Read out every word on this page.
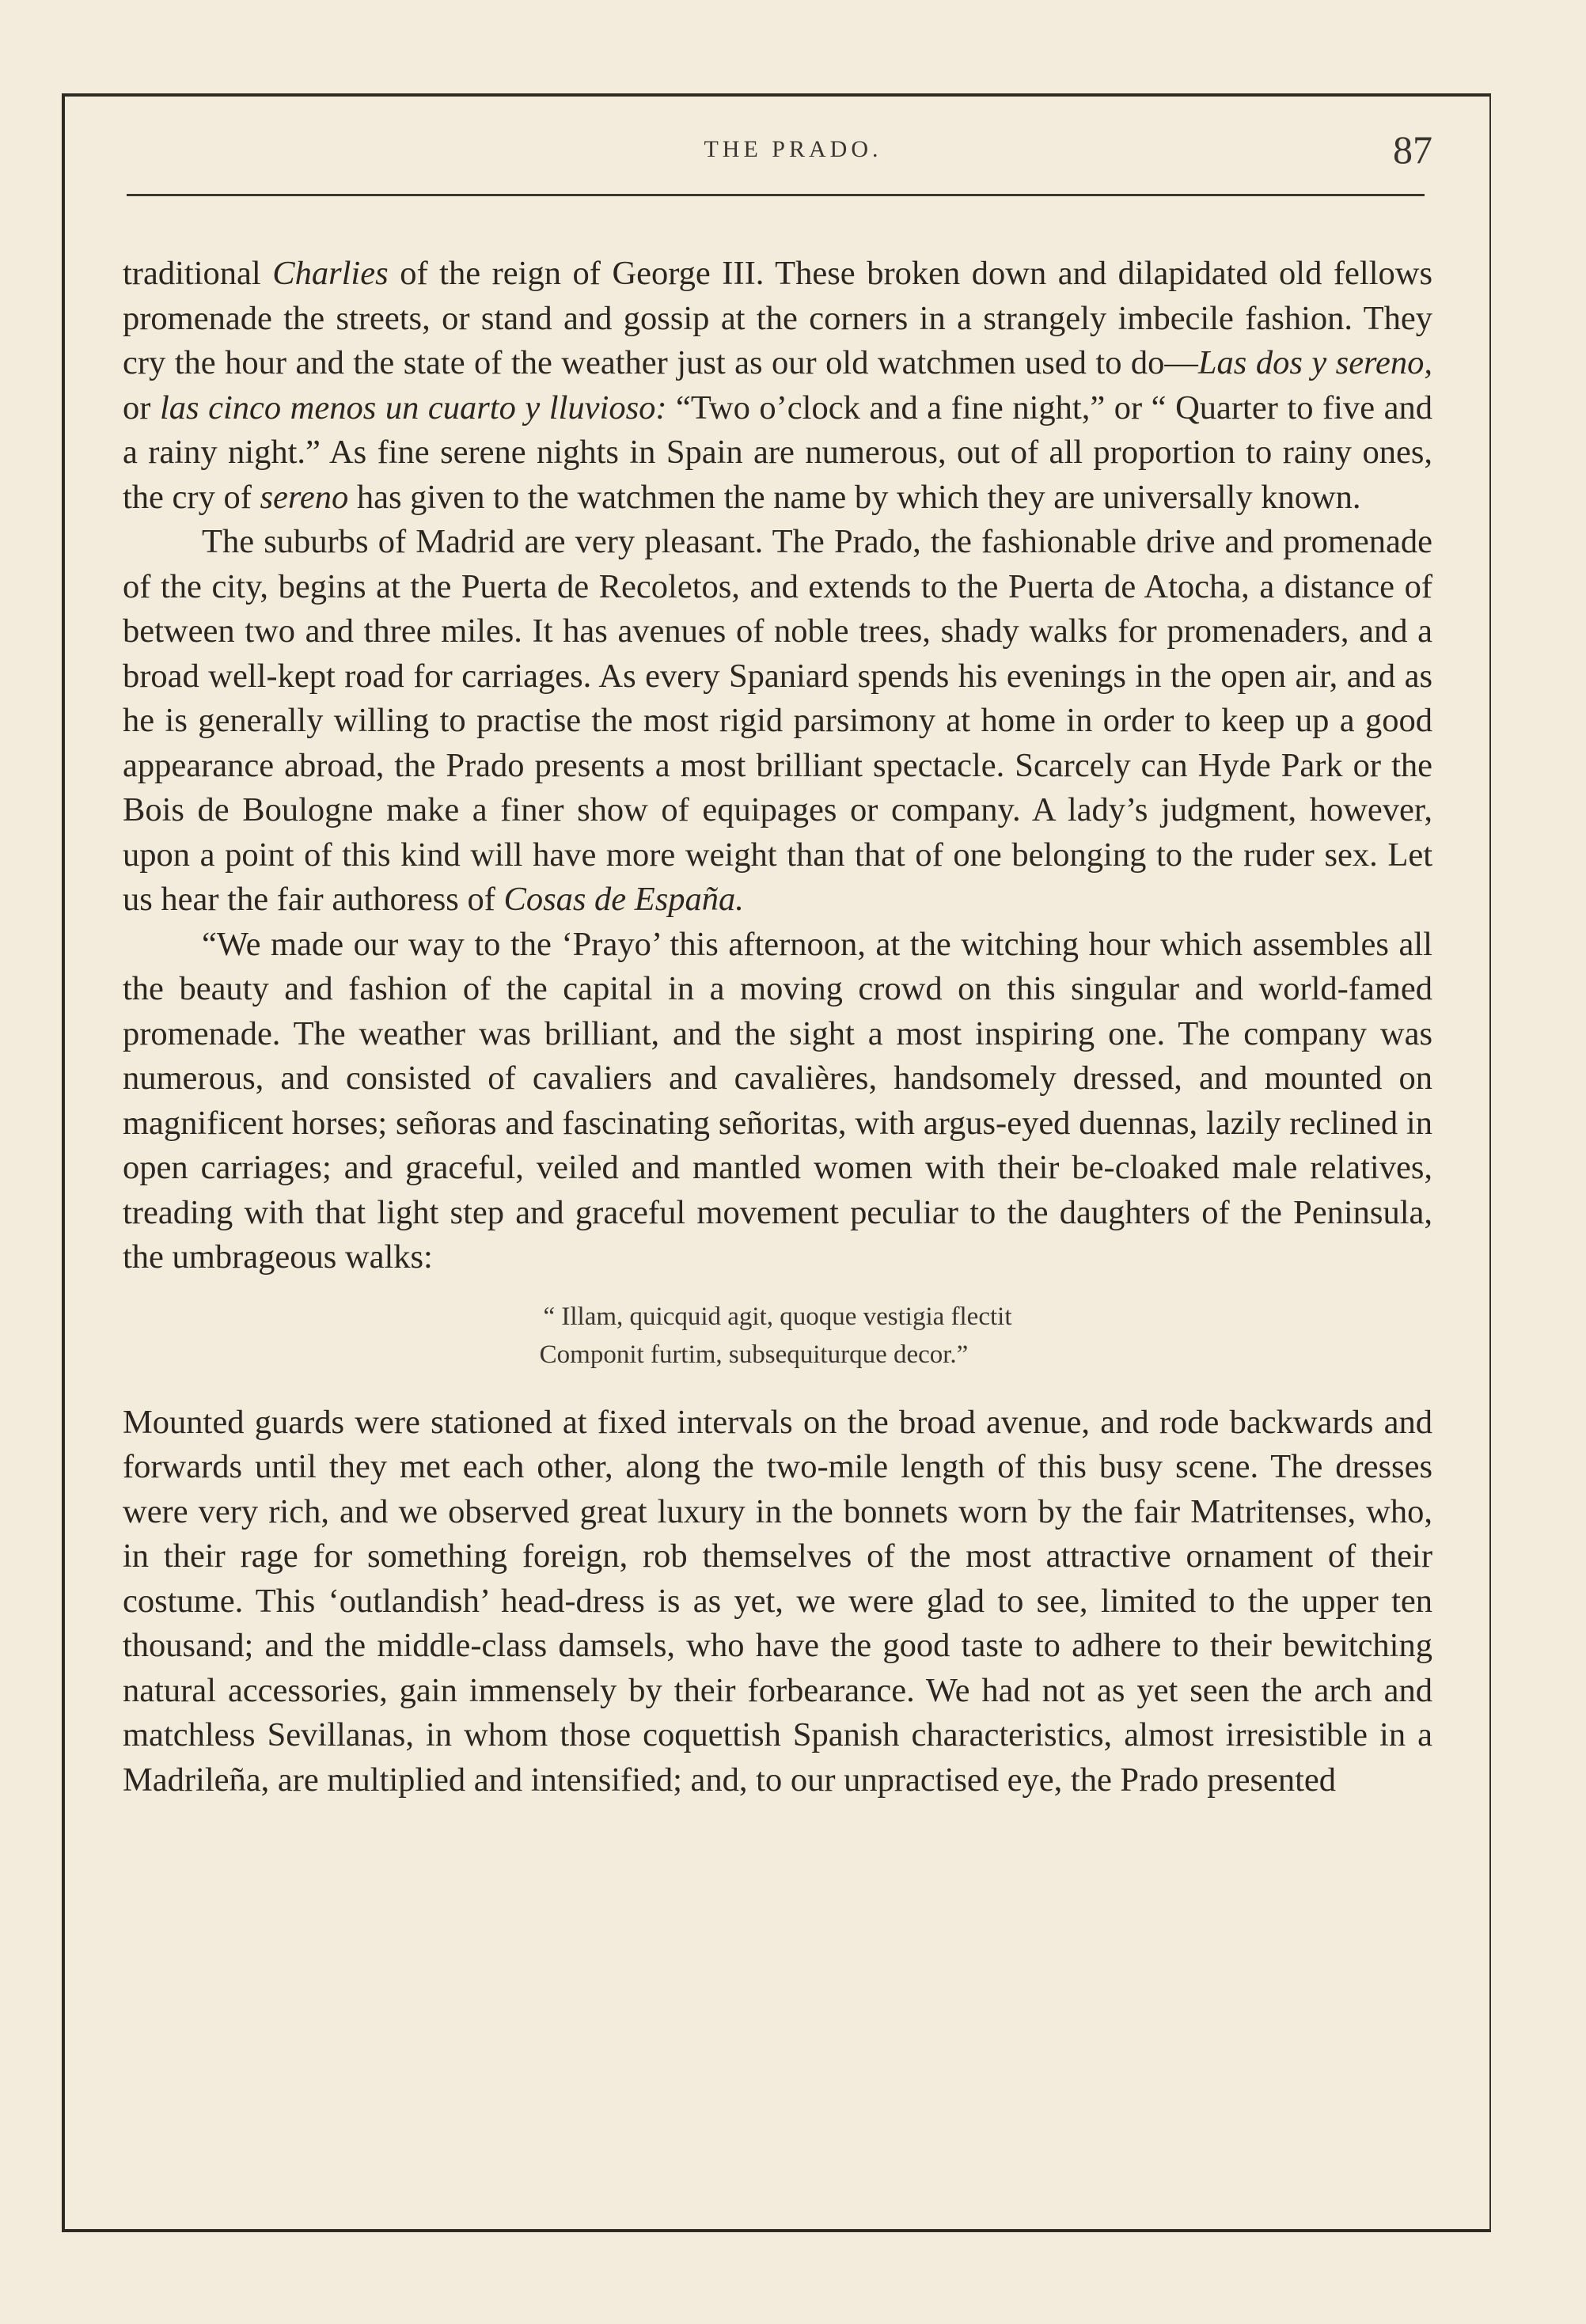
THE PRADO.	87

traditional Charlies of the reign of George III. These broken down and dilapidated old fellows promenade the streets, or stand and gossip at the corners in a strangely imbecile fashion. They cry the hour and the state of the weather just as our old watchmen used to do—Las dos y sereno, or las cinco menos un cuarto y lluvioso: “Two o’clock and a fine night,” or “ Quarter to five and a rainy night.” As fine serene nights in Spain are numerous, out of all proportion to rainy ones, the cry of sereno has given to the watchmen the name by which they are universally known.

The suburbs of Madrid are very pleasant. The Prado, the fashionable drive and promenade of the city, begins at the Puerta de Recoletos, and extends to the Puerta de Atocha, a distance of between two and three miles. It has avenues of noble trees, shady walks for promenaders, and a broad well-kept road for carriages. As every Spaniard spends his evenings in the open air, and as he is generally willing to practise the most rigid parsimony at home in order to keep up a good appearance abroad, the Prado presents a most brilliant spectacle. Scarcely can Hyde Park or the Bois de Boulogne make a finer show of equipages or company. A lady’s judgment, however, upon a point of this kind will have more weight than that of one belonging to the ruder sex. Let us hear the fair authoress of Cosas de España.

“We made our way to the ‘Prayo’ this afternoon, at the witching hour which assembles all the beauty and fashion of the capital in a moving crowd on this singular and world-famed promenade. The weather was brilliant, and the sight a most inspiring one. The company was numerous, and consisted of cavaliers and cavalières, handsomely dressed, and mounted on magnificent horses; señoras and fascinating señoritas, with argus-eyed duennas, lazily reclined in open carriages; and graceful, veiled and mantled women with their be-cloaked male relatives, treading with that light step and graceful movement peculiar to the daughters of the Peninsula, the umbrageous walks:

“ Illam, quicquid agit, quoque vestigia flectit
Componit furtim, subsequiturque decor.”

Mounted guards were stationed at fixed intervals on the broad avenue, and rode backwards and forwards until they met each other, along the two-mile length of this busy scene. The dresses were very rich, and we observed great luxury in the bonnets worn by the fair Matritenses, who, in their rage for something foreign, rob themselves of the most attractive ornament of their costume. This ‘outlandish’ head-dress is as yet, we were glad to see, limited to the upper ten thousand; and the middle-class damsels, who have the good taste to adhere to their bewitching natural accessories, gain immensely by their forbearance. We had not as yet seen the arch and matchless Sevillanas, in whom those coquettish Spanish characteristics, almost irresistible in a Madrileña, are multiplied and intensified; and, to our unpractised eye, the Prado presented
